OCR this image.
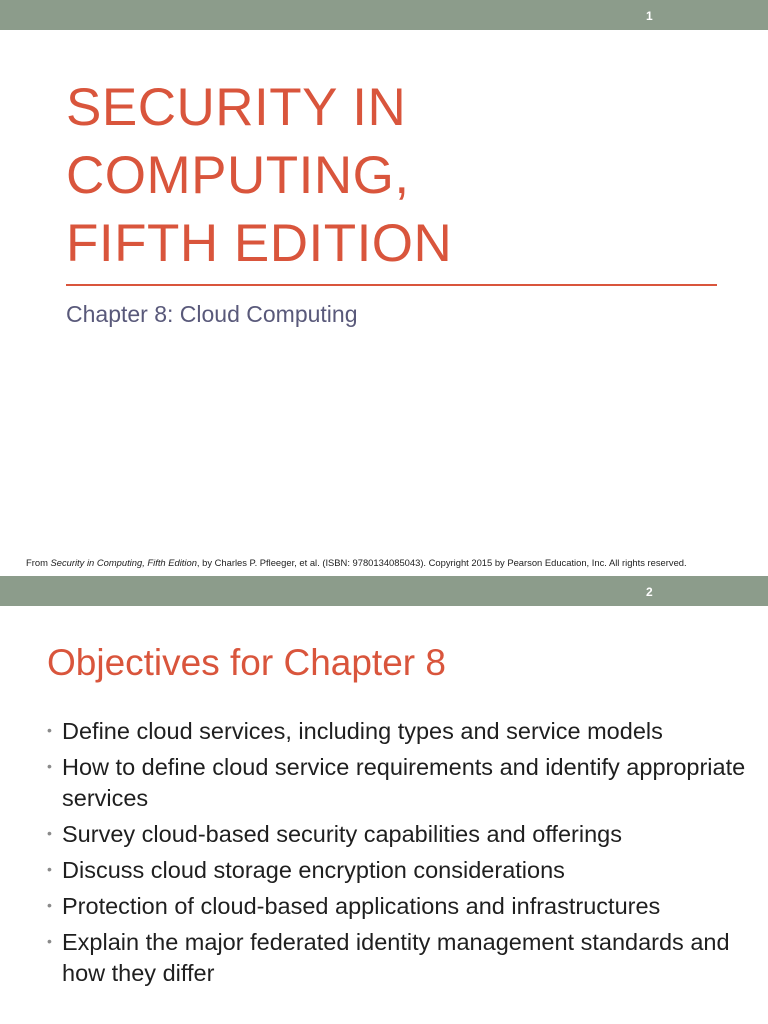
1
SECURITY IN
COMPUTING,
FIFTH EDITION
Chapter 8: Cloud Computing
From Security in Computing, Fifth Edition, by Charles P. Pfleeger, et al. (ISBN: 9780134085043). Copyright 2015 by Pearson Education, Inc. All rights reserved.
2
Objectives for Chapter 8
• Define cloud services, including types and service models
• How to define cloud service requirements and identify appropriate services
• Survey cloud-based security capabilities and offerings
• Discuss cloud storage encryption considerations
• Protection of cloud-based applications and infrastructures
• Explain the major federated identity management standards and how they differ
